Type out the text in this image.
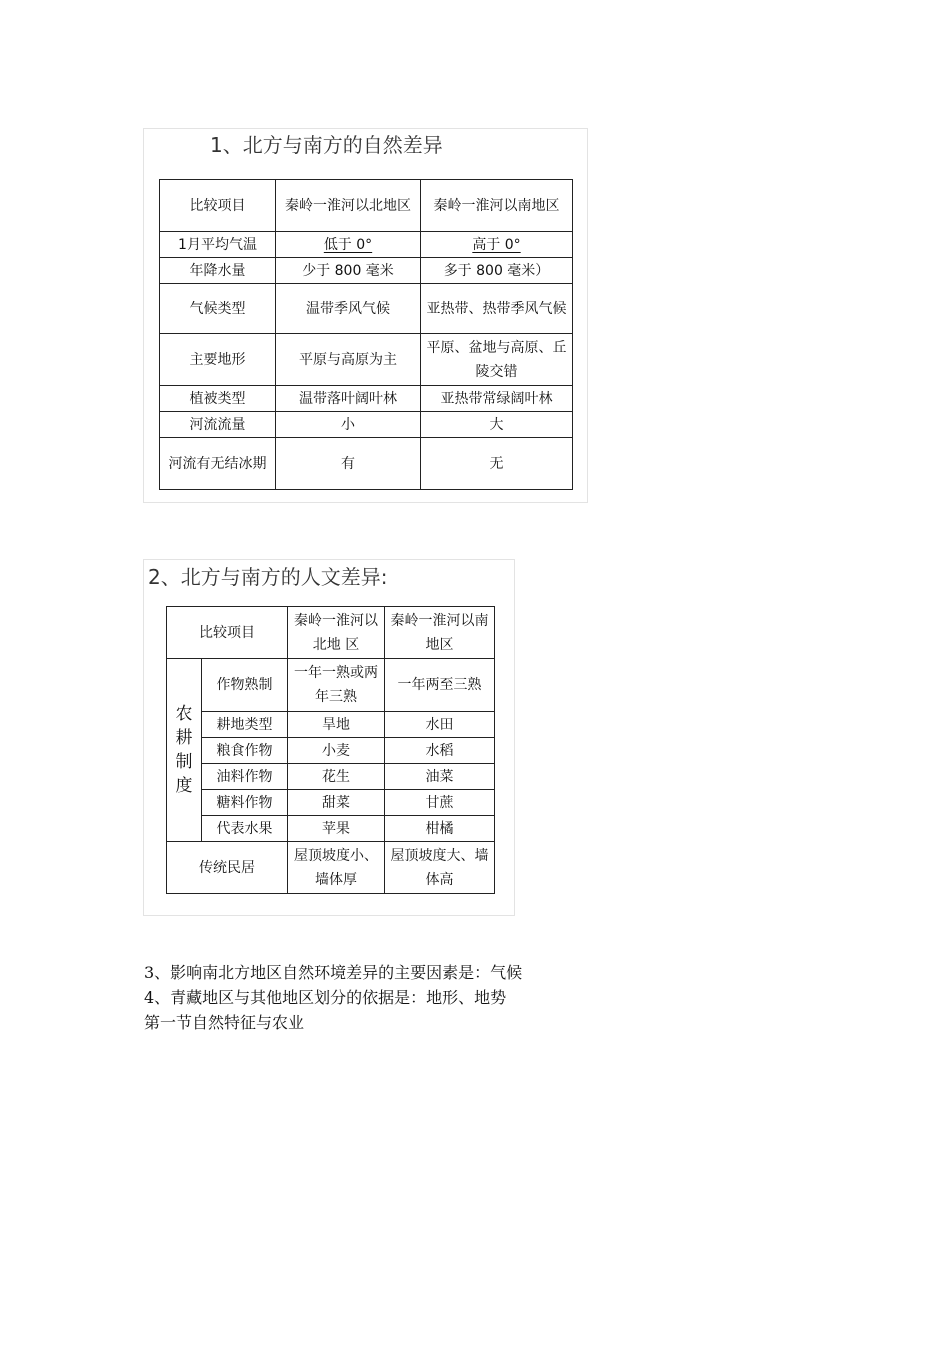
1、北方与南方的自然差异
比较项目	秦岭一淮河以北地区	秦岭一淮河以南地区
1月平均气温	低于 0°	高于 0°
年降水量	少于 800 毫米	多于 800 毫米）
气候类型	温带季风气候	亚热带、热带季风气候
主要地形	平原与高原为主	平原、盆地与高原、丘陵交错
植被类型	温带落叶阔叶林	亚热带常绿阔叶林
河流流量	小	大
河流有无结冰期	有	无
2、北方与南方的人文差异:
比较项目		秦岭一淮河以北地 区	秦岭一淮河以南地区
农耕制度	作物熟制	一年一熟或两年三熟	一年两至三熟
	耕地类型	旱地	水田
	粮食作物	小麦	水稻
	油料作物	花生	油菜
	糖料作物	甜菜	甘蔗
	代表水果	苹果	柑橘
传统民居		屋顶坡度小、墙体厚	屋顶坡度大、墙体高
3、影响南北方地区自然环境差异的主要因素是：气候
4、青藏地区与其他地区划分的依据是：地形、地势
第一节自然特征与农业
